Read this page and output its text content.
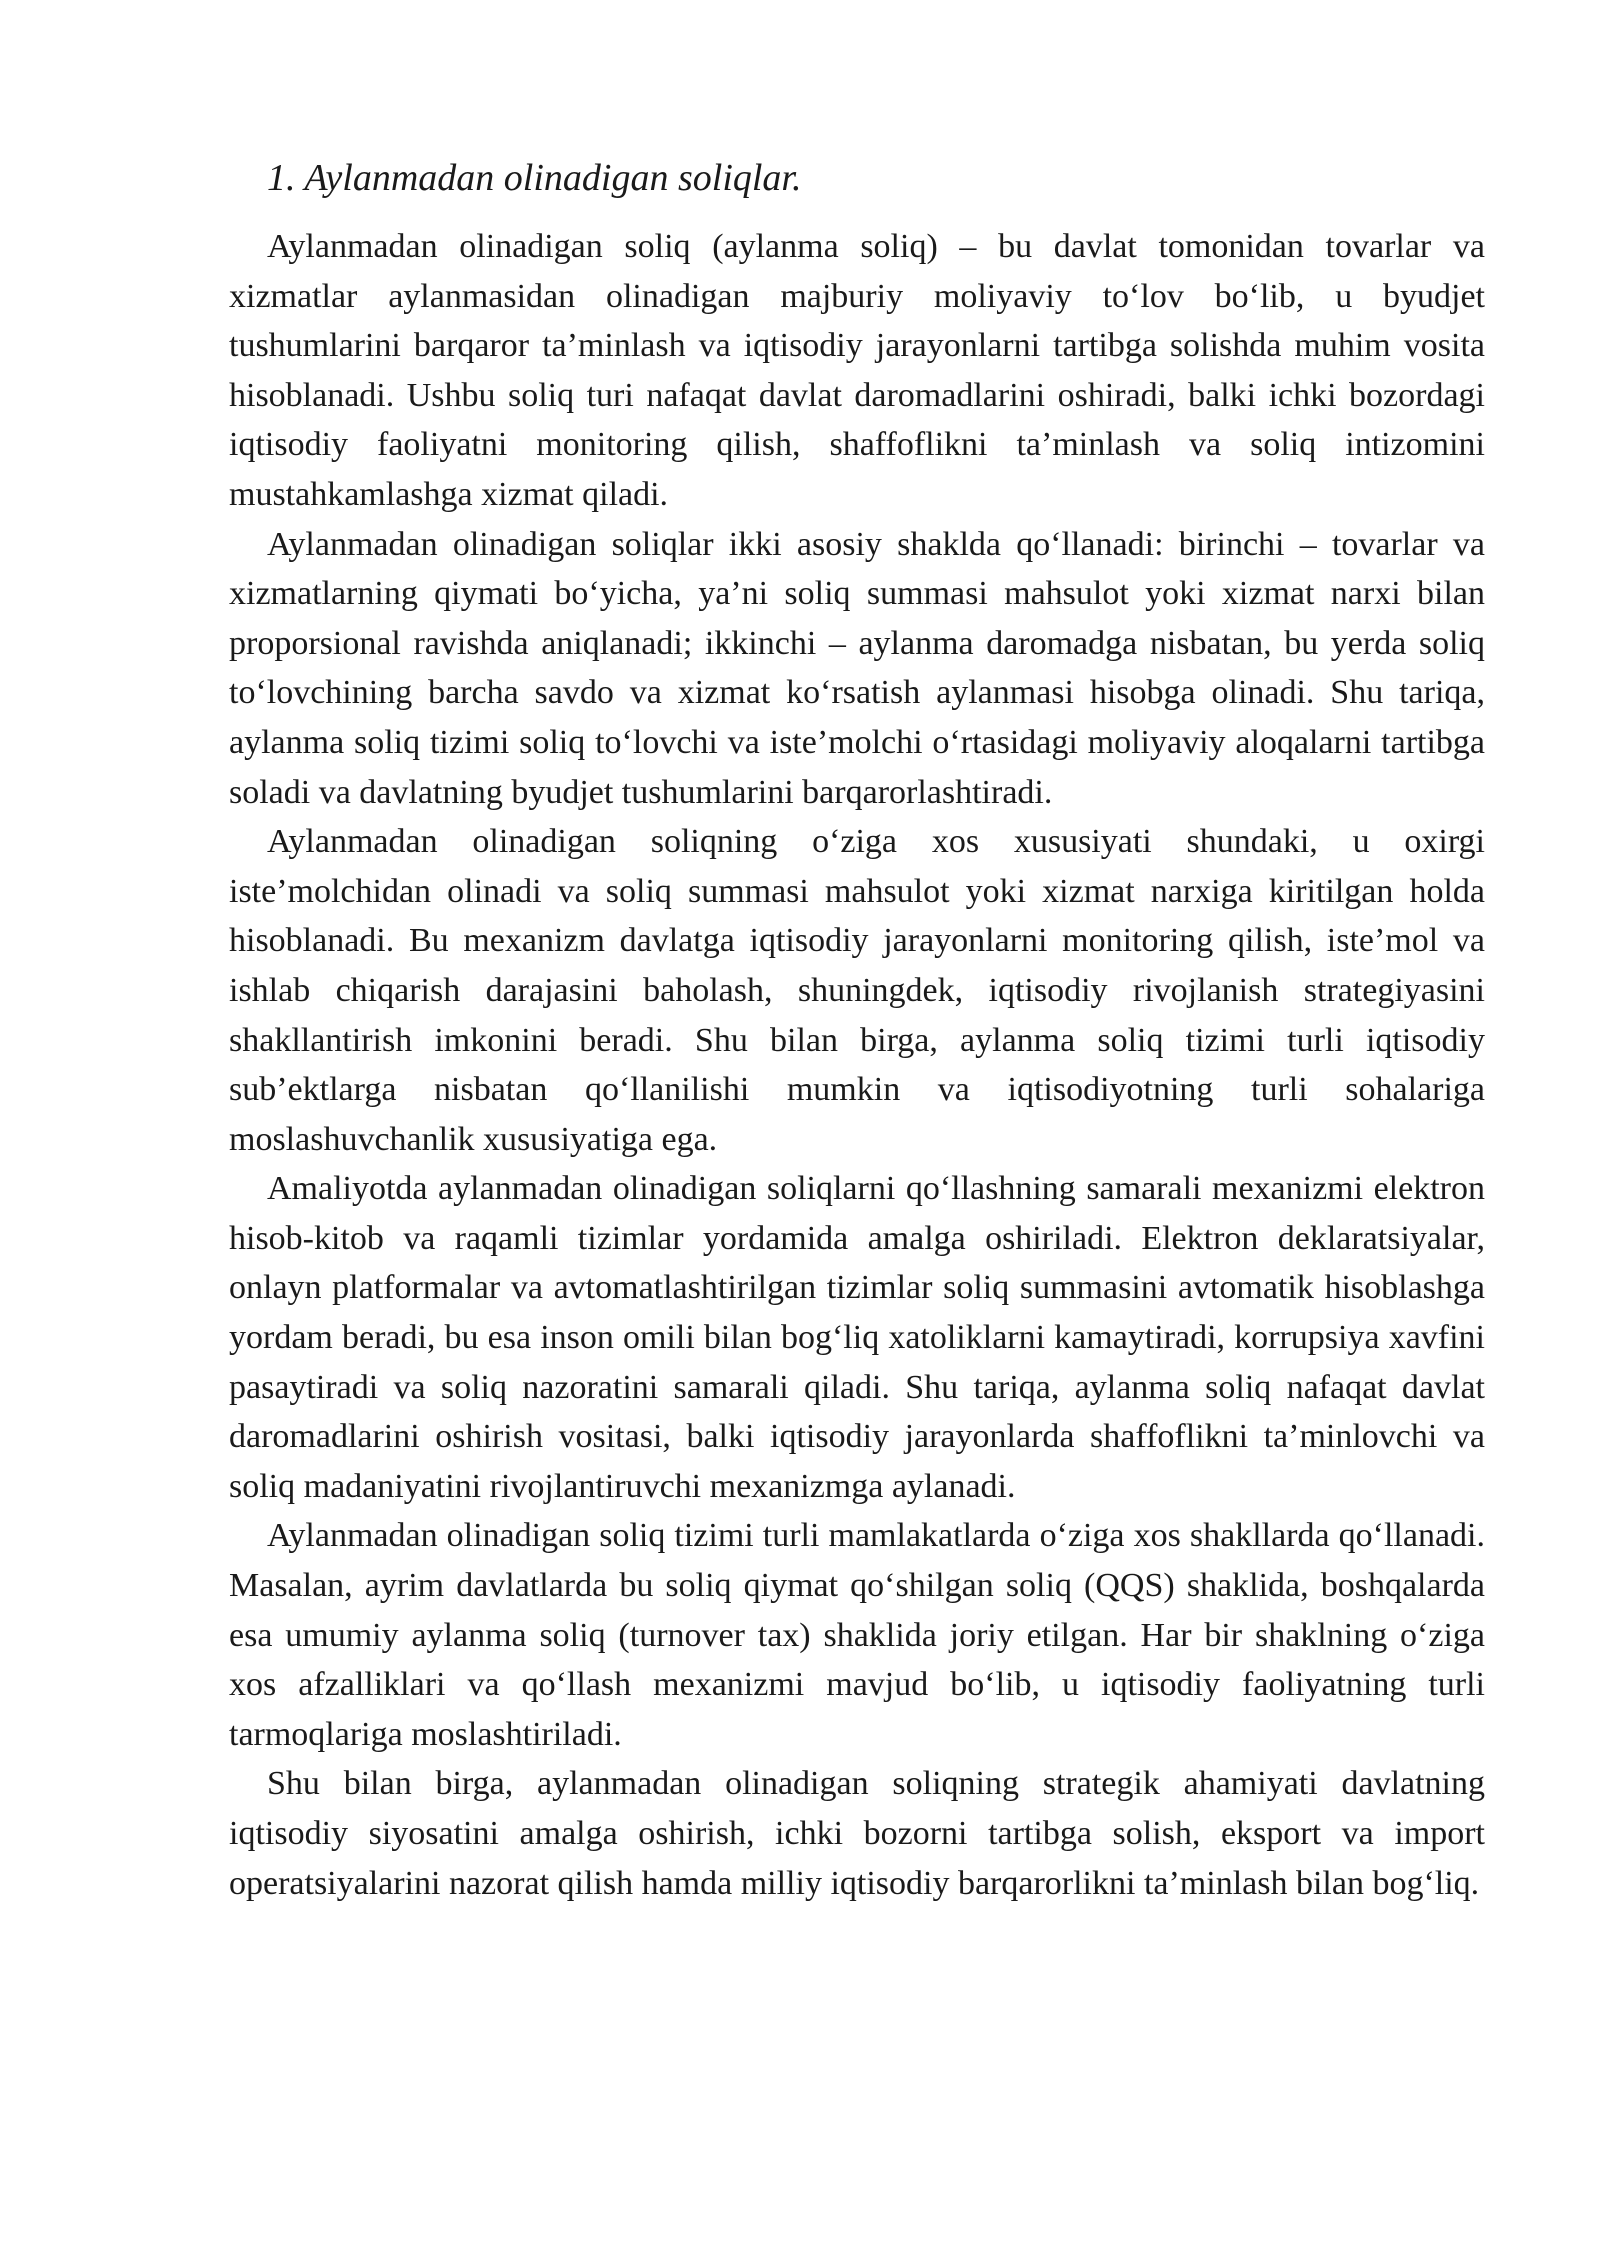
1. Aylanmadan olinadigan soliqlar.

Aylanmadan olinadigan soliq (aylanma soliq) – bu davlat tomonidan tovarlar va xizmatlar aylanmasidan olinadigan majburiy moliyaviy to‘lov bo‘lib, u byudjet tushumlarini barqaror ta’minlash va iqtisodiy jarayonlarni tartibga solishda muhim vosita hisoblanadi. Ushbu soliq turi nafaqat davlat daromadlarini oshiradi, balki ichki bozordagi iqtisodiy faoliyatni monitoring qilish, shaffoflikni ta’minlash va soliq intizomini mustahkamlashga xizmat qiladi.

Aylanmadan olinadigan soliqlar ikki asosiy shaklda qo‘llanadi: birinchi – tovarlar va xizmatlarning qiymati bo‘yicha, ya’ni soliq summasi mahsulot yoki xizmat narxi bilan proporsional ravishda aniqlanadi; ikkinchi – aylanma daromadga nisbatan, bu yerda soliq to‘lovchining barcha savdo va xizmat ko‘rsatish aylanmasi hisobga olinadi. Shu tariqa, aylanma soliq tizimi soliq to‘lovchi va iste’molchi o‘rtasidagi moliyaviy aloqalarni tartibga soladi va davlatning byudjet tushumlarini barqarorlashtiradi.

Aylanmadan olinadigan soliqning o‘ziga xos xususiyati shundaki, u oxirgi iste’molchidan olinadi va soliq summasi mahsulot yoki xizmat narxiga kiritilgan holda hisoblanadi. Bu mexanizm davlatga iqtisodiy jarayonlarni monitoring qilish, iste’mol va ishlab chiqarish darajasini baholash, shuningdek, iqtisodiy rivojlanish strategiyasini shakllantirish imkonini beradi. Shu bilan birga, aylanma soliq tizimi turli iqtisodiy sub’ektlarga nisbatan qo‘llanilishi mumkin va iqtisodiyotning turli sohalariga moslashuvchanlik xususiyatiga ega.

Amaliyotda aylanmadan olinadigan soliqlarni qo‘llashning samarali mexanizmi elektron hisob-kitob va raqamli tizimlar yordamida amalga oshiriladi. Elektron deklaratsiyalar, onlayn platformalar va avtomatlashtirilgan tizimlar soliq summasini avtomatik hisoblashga yordam beradi, bu esa inson omili bilan bog‘liq xatoliklarni kamaytiradi, korrupsiya xavfini pasaytiradi va soliq nazoratini samarali qiladi. Shu tariqa, aylanma soliq nafaqat davlat daromadlarini oshirish vositasi, balki iqtisodiy jarayonlarda shaffoflikni ta’minlovchi va soliq madaniyatini rivojlantiruvchi mexanizmga aylanadi.

Aylanmadan olinadigan soliq tizimi turli mamlakatlarda o‘ziga xos shakllarda qo‘llanadi. Masalan, ayrim davlatlarda bu soliq qiymat qo‘shilgan soliq (QQS) shaklida, boshqalarda esa umumiy aylanma soliq (turnover tax) shaklida joriy etilgan. Har bir shaklning o‘ziga xos afzalliklari va qo‘llash mexanizmi mavjud bo‘lib, u iqtisodiy faoliyatning turli tarmoqlariga moslashtiriladi.

Shu bilan birga, aylanmadan olinadigan soliqning strategik ahamiyati davlatning iqtisodiy siyosatini amalga oshirish, ichki bozorni tartibga solish, eksport va import operatsiyalarini nazorat qilish hamda milliy iqtisodiy barqarorlikni ta’minlash bilan bog‘liq.
